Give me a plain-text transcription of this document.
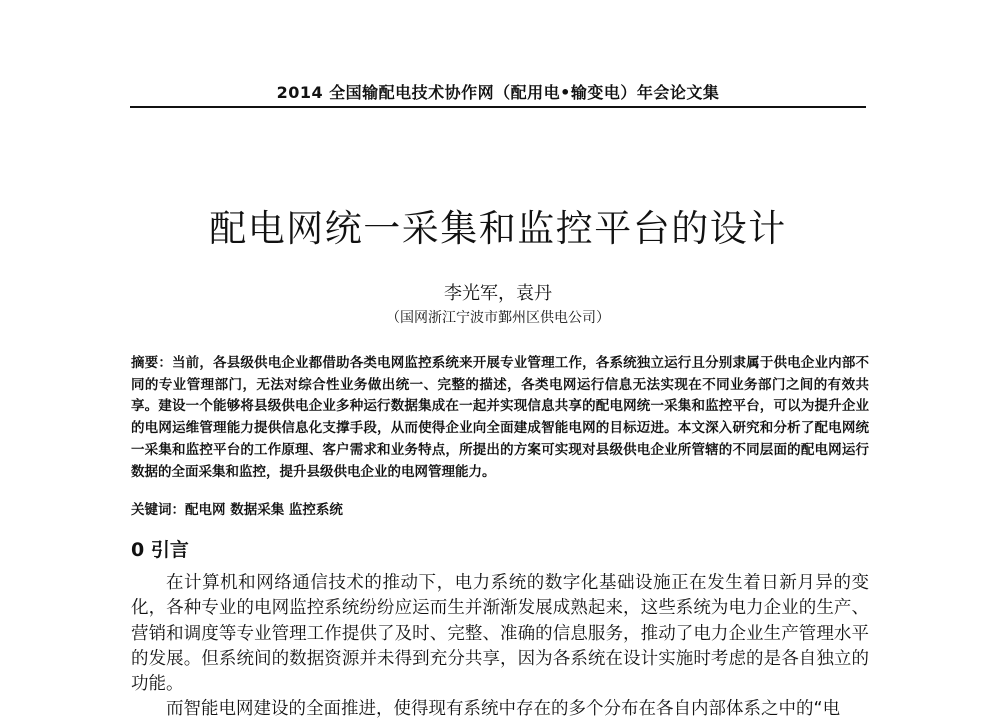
2014 全国输配电技术协作网（配用电•输变电）年会论文集
配电网统一采集和监控平台的设计
李光军，袁丹
（国网浙江宁波市鄞州区供电公司）

摘要：当前，各县级供电企业都借助各类电网监控系统来开展专业管理工作，各系统独立运行且分别隶属于供电企业内部不同的专业管理部门，无法对综合性业务做出统一、完整的描述，各类电网运行信息无法实现在不同业务部门之间的有效共享。建设一个能够将县级供电企业多种运行数据集成在一起并实现信息共享的配电网统一采集和监控平台，可以为提升企业的电网运维管理能力提供信息化支撑手段，从而使得企业向全面建成智能电网的目标迈进。本文深入研究和分析了配电网统一采集和监控平台的工作原理、客户需求和业务特点，所提出的方案可实现对县级供电企业所管辖的不同层面的配电网运行数据的全面采集和监控，提升县级供电企业的电网管理能力。

关键词：配电网 数据采集 监控系统

0 引言

在计算机和网络通信技术的推动下，电力系统的数字化基础设施正在发生着日新月异的变化，各种专业的电网监控系统纷纷应运而生并渐渐发展成熟起来，这些系统为电力企业的生产、营销和调度等专业管理工作提供了及时、完整、准确的信息服务，推动了电力企业生产管理水平的发展。但系统间的数据资源并未得到充分共享，因为各系统在设计实施时考虑的是各自独立的功能。

而智能电网建设的全面推进，使得现有系统中存在的多个分布在各自内部体系之中的“电
